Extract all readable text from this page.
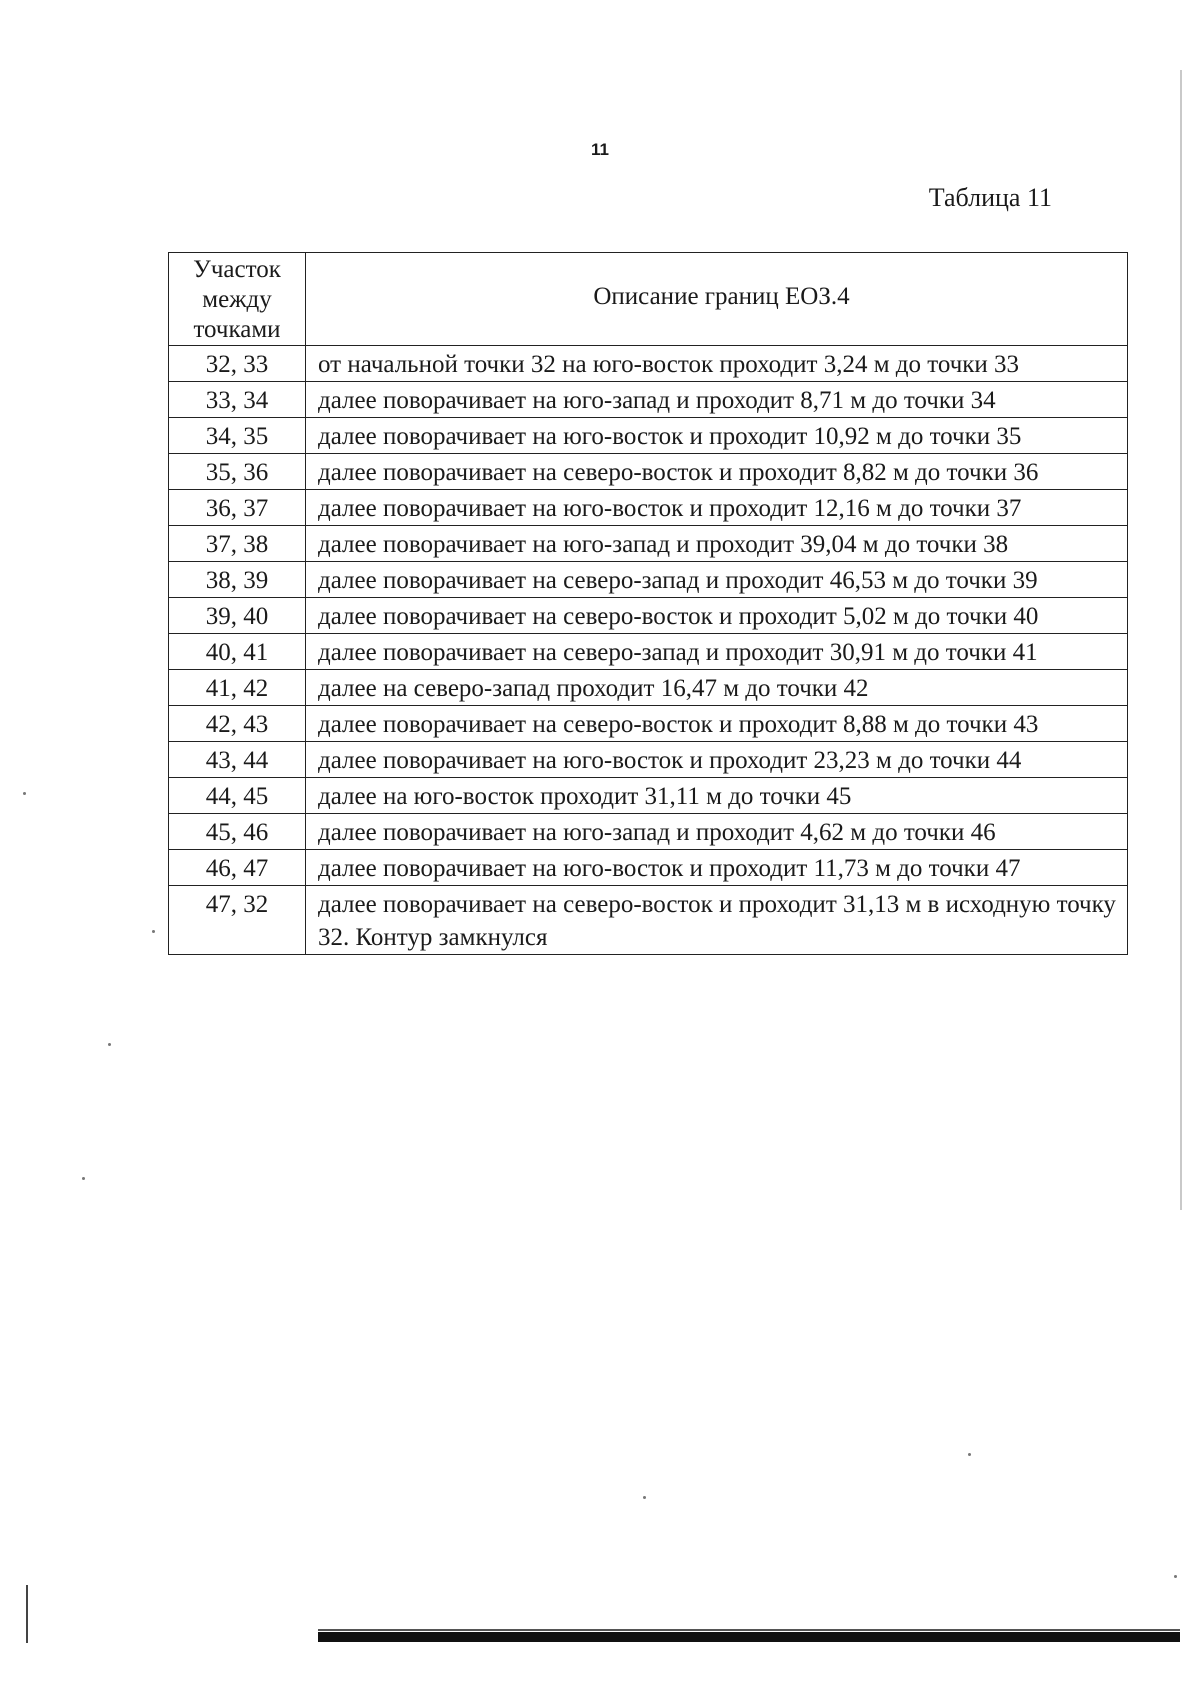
11
Таблица 11
Участок между точками	Описание границ ЕОЗ.4
32, 33	от начальной точки 32 на юго-восток проходит 3,24 м до точки 33
33, 34	далее поворачивает на юго-запад и проходит 8,71 м до точки 34
34, 35	далее поворачивает на юго-восток и проходит 10,92 м до точки 35
35, 36	далее поворачивает на северо-восток и проходит 8,82 м до точки 36
36, 37	далее поворачивает на юго-восток и проходит 12,16 м до точки 37
37, 38	далее поворачивает на юго-запад и проходит 39,04 м до точки 38
38, 39	далее поворачивает на северо-запад и проходит 46,53 м до точки 39
39, 40	далее поворачивает на северо-восток и проходит 5,02 м до точки 40
40, 41	далее поворачивает на северо-запад и проходит 30,91 м до точки 41
41, 42	далее на северо-запад проходит 16,47 м до точки 42
42, 43	далее поворачивает на северо-восток и проходит 8,88 м до точки 43
43, 44	далее поворачивает на юго-восток и проходит 23,23 м до точки 44
44, 45	далее на юго-восток проходит 31,11 м до точки 45
45, 46	далее поворачивает на юго-запад и проходит 4,62 м до точки 46
46, 47	далее поворачивает на юго-восток и проходит 11,73 м до точки 47
47, 32	далее поворачивает на северо-восток и проходит 31,13 м в исходную точку 32. Контур замкнулся
